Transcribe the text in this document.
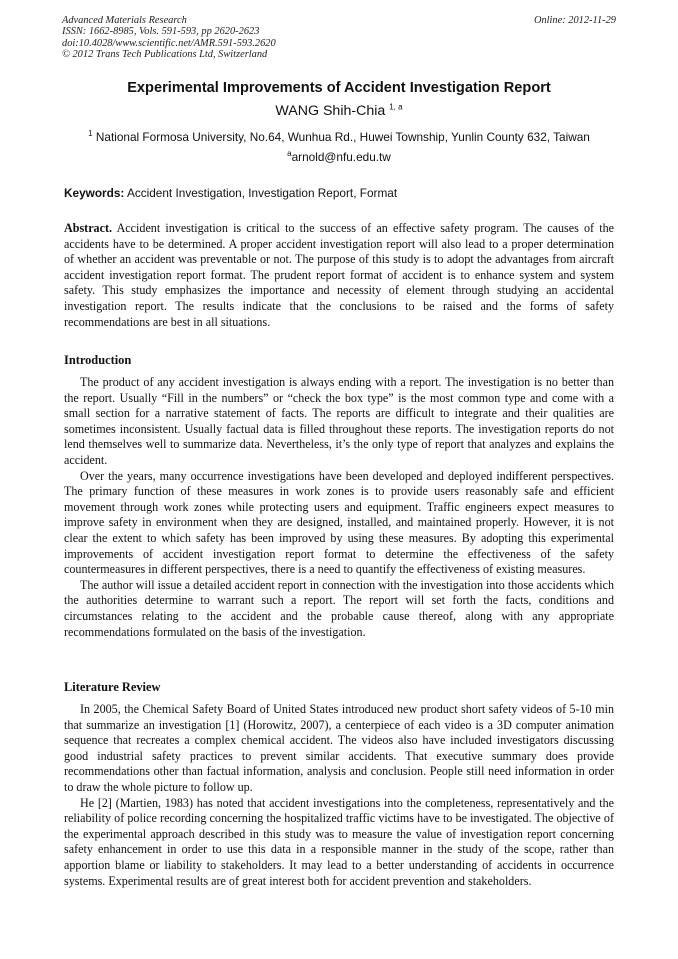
Advanced Materials Research
ISSN: 1662-8985, Vols. 591-593, pp 2620-2623
doi:10.4028/www.scientific.net/AMR.591-593.2620
© 2012 Trans Tech Publications Ltd, Switzerland
Online: 2012-11-29
Experimental Improvements of Accident Investigation Report
WANG Shih-Chia $^{1, a}$
$^1$ National Formosa University, No.64, Wunhua Rd., Huwei Township, Yunlin County 632, Taiwan
$^a$arnold@nfu.edu.tw
Keywords: Accident Investigation, Investigation Report, Format

Abstract. Accident investigation is critical to the success of an effective safety program. The causes of the accidents have to be determined. A proper accident investigation report will also lead to a proper determination of whether an accident was preventable or not. The purpose of this study is to adopt the advantages from aircraft accident investigation report format. The prudent report format of accident is to enhance system and system safety. This study emphasizes the importance and necessity of element through studying an accidental investigation report. The results indicate that the conclusions to be raised and the forms of safety recommendations are best in all situations.

Introduction

The product of any accident investigation is always ending with a report. The investigation is no better than the report. Usually “Fill in the numbers” or “check the box type” is the most common type and come with a small section for a narrative statement of facts. The reports are difficult to integrate and their qualities are sometimes inconsistent. Usually factual data is filled throughout these reports. The investigation reports do not lend themselves well to summarize data. Nevertheless, it’s the only type of report that analyzes and explains the accident.

Over the years, many occurrence investigations have been developed and deployed indifferent perspectives. The primary function of these measures in work zones is to provide users reasonably safe and efficient movement through work zones while protecting users and equipment. Traffic engineers expect measures to improve safety in environment when they are designed, installed, and maintained properly. However, it is not clear the extent to which safety has been improved by using these measures. By adopting this experimental improvements of accident investigation report format to determine the effectiveness of the safety countermeasures in different perspectives, there is a need to quantify the effectiveness of existing measures.

The author will issue a detailed accident report in connection with the investigation into those accidents which the authorities determine to warrant such a report. The report will set forth the facts, conditions and circumstances relating to the accident and the probable cause thereof, along with any appropriate recommendations formulated on the basis of the investigation.

Literature Review

In 2005, the Chemical Safety Board of United States introduced new product short safety videos of 5-10 min that summarize an investigation [1] (Horowitz, 2007), a centerpiece of each video is a 3D computer animation sequence that recreates a complex chemical accident. The videos also have included investigators discussing good industrial safety practices to prevent similar accidents. That executive summary does provide recommendations other than factual information, analysis and conclusion. People still need information in order to draw the whole picture to follow up.

He [2] (Martien, 1983) has noted that accident investigations into the completeness, representatively and the reliability of police recording concerning the hospitalized traffic victims have to be investigated. The objective of the experimental approach described in this study was to measure the value of investigation report concerning safety enhancement in order to use this data in a responsible manner in the study of the scope, rather than apportion blame or liability to stakeholders. It may lead to a better understanding of accidents in occurrence systems. Experimental results are of great interest both for accident prevention and stakeholders.
